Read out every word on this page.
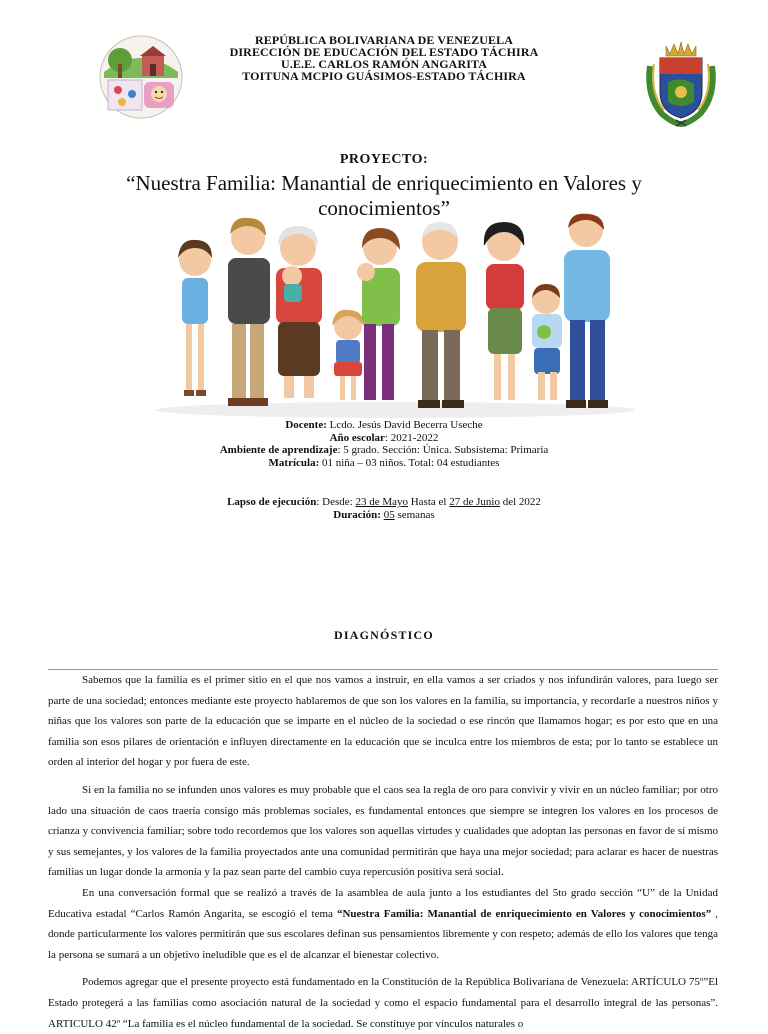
REPÚBLICA BOLIVARIANA DE VENEZUELA
DIRECCIÓN DE EDUCACIÓN DEL ESTADO TÁCHIRA
U.E.E. CARLOS RAMÓN ANGARITA
TOITUNA MCPIO GUÁSIMOS-ESTADO TÁCHIRA
PROYECTO:
“Nuestra Familia: Manantial de enriquecimiento en Valores y conocimientos”
Docente: Lcdo. Jesús David Becerra Useche
Año escolar: 2021-2022
Ambiente de aprendizaje: 5 grado. Sección: Única. Subsistema: Primaria
Matrícula: 01 niña – 03 niños. Total: 04 estudiantes
Lapso de ejecución: Desde: 23 de Mayo Hasta el 27 de Junio del 2022
Duración: 05 semanas
DIAGNÓSTICO

Sabemos que la familia es el primer sitio en el que nos vamos a instruir, en ella vamos a ser criados y nos infundirán valores, para luego ser parte de una sociedad; entonces mediante este proyecto hablaremos de que son los valores en la familia, su importancia, y recordarle a nuestros niños y niñas que los valores son parte de la educación que se imparte en el núcleo de la sociedad o ese rincón que llamamos hogar; es por esto que en una familia son esos pilares de orientación e influyen directamente en la educación que se inculca entre los miembros de esta; por lo tanto se establece un orden al interior del hogar y por fuera de este.

Si en la familia no se infunden unos valores es muy probable que el caos sea la regla de oro para convivir y vivir en un núcleo familiar; por otro lado una situación de caos traería consigo más problemas sociales, es fundamental entonces que siempre se integren los valores en los procesos de crianza y convivencia familiar; sobre todo recordemos que los valores son aquellas virtudes y cualidades que adoptan las personas en favor de sí mismo y sus semejantes, y los valores de la familia proyectados ante una comunidad permitirán que haya una mejor sociedad; para aclarar es hacer de nuestras familias un lugar donde la armonía y la paz sean parte del cambio cuya repercusión positiva será social.

En una conversación formal que se realizó a través de la asamblea de aula junto a los estudiantes del 5to grado sección “U” de la Unidad Educativa estadal “Carlos Ramón Angarita, se escogió el tema “Nuestra Familia: Manantial de enriquecimiento en Valores y conocimientos” , donde particularmente los valores permitirán que sus escolares definan sus pensamientos libremente y con respeto; además de ello los valores que tenga la persona se sumará a un objetivo ineludible que es el de alcanzar el bienestar colectivo.

Podemos agregar que el presente proyecto está fundamentado en la Constitución de la República Bolivariana de Venezuela: ARTÍCULO 75º”El Estado protegerá a las familias como asociación natural de la sociedad y como el espacio fundamental para el desarrollo integral de las personas”. ARTICULO 42º “La familia es el núcleo fundamental de la sociedad. Se constituye por vínculos naturales o
